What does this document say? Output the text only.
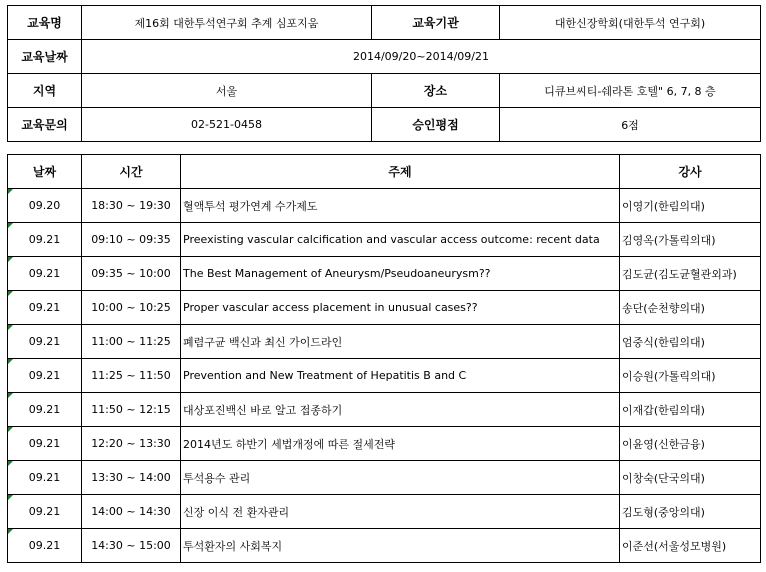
교육명	제16회 대한투석연구회 추계 심포지움	교육기관	대한신장학회(대한투석 연구회)
교육날짜	2014/09/20~2014/09/21		
지역	서울	장소	디큐브씨티-쉐라톤 호텔" 6, 7, 8 층
교육문의	02-521-0458	승인평점	6점
날짜	시간	주제	강사

09.20	18:30 ~ 19:30	혈액투석 평가연계 수가제도	이영기(한림의대)

09.21	09:10 ~ 09:35	Preexisting vascular calcification and vascular access outcome: recent data	김영옥(가톨릭의대)

09.21	09:35 ~ 10:00	The Best Management of Aneurysm/Pseudoaneurysm??	김도균(김도균혈관외과)

09.21	10:00 ~ 10:25	Proper vascular access placement in unusual cases??	송단(순천향의대)

09.21	11:00 ~ 11:25	폐렴구균 백신과 최신 가이드라인	엄중식(한림의대)

09.21	11:25 ~ 11:50	Prevention and New Treatment of Hepatitis B and C	이승원(가톨릭의대)

09.21	11:50 ~ 12:15	대상포진백신 바로 알고 접종하기	이재갑(한림의대)

09.21	12:20 ~ 13:30	2014년도 하반기 세법개정에 따른 절세전략	이윤영(신한금융)

09.21	13:30 ~ 14:00	투석용수 관리	이창숙(단국의대)

09.21	14:00 ~ 14:30	신장 이식 전 환자관리	김도형(중앙의대)

09.21	14:30 ~ 15:00	투석환자의 사회복지	이준선(서울성모병원)
